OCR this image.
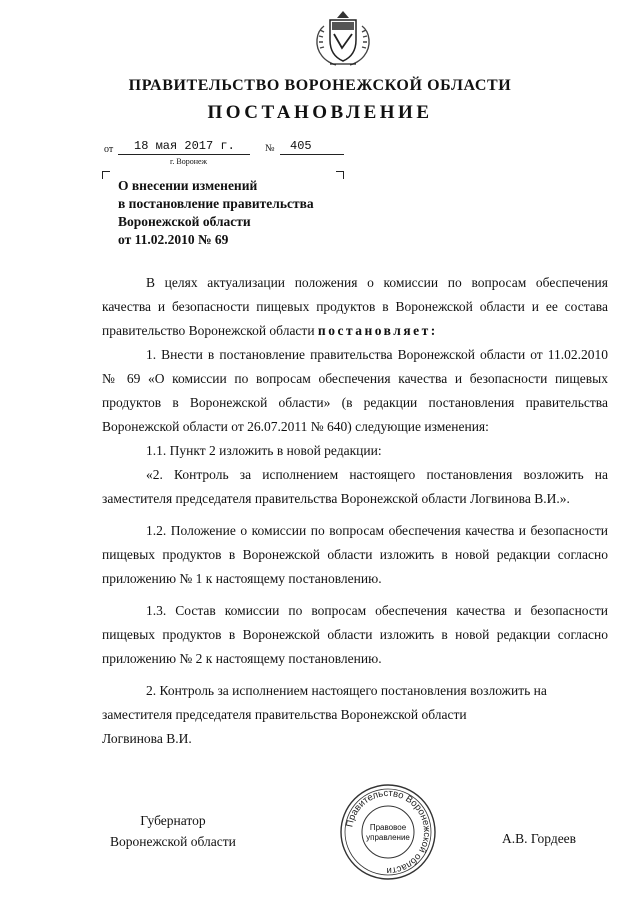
ПРАВИТЕЛЬСТВО ВОРОНЕЖСКОЙ ОБЛАСТИ
ПОСТАНОВЛЕНИЕ
от 18 мая 2017 г.	№ 405
г. Воронеж
О внесении изменений
в постановление правительства
Воронежской области
от 11.02.2010 № 69

В целях актуализации положения о комиссии по вопросам обеспечения качества и безопасности пищевых продуктов в Воронежской области и ее состава правительство Воронежской области постановляет:

1. Внести в постановление правительства Воронежской области от 11.02.2010 № 69 «О комиссии по вопросам обеспечения качества и безопасности пищевых продуктов в Воронежской области» (в редакции постановления правительства Воронежской области от 26.07.2011 № 640) следующие изменения:

1.1. Пункт 2 изложить в новой редакции:

«2. Контроль за исполнением настоящего постановления возложить на заместителя председателя правительства Воронежской области Логвинова В.И.».

1.2. Положение о комиссии по вопросам обеспечения качества и безопасности пищевых продуктов в Воронежской области изложить в новой редакции согласно приложению № 1 к настоящему постановлению.

1.3. Состав комиссии по вопросам обеспечения качества и безопасности пищевых продуктов в Воронежской области изложить в новой редакции согласно приложению № 2 к настоящему постановлению.

2. Контроль за исполнением настоящего постановления возложить на

заместителя председателя правительства Воронежской области

Логвинова В.И.

Губернатор
Воронежской области
Правительство Воронежской области
Правовое
управление	А.В. Гордеев
